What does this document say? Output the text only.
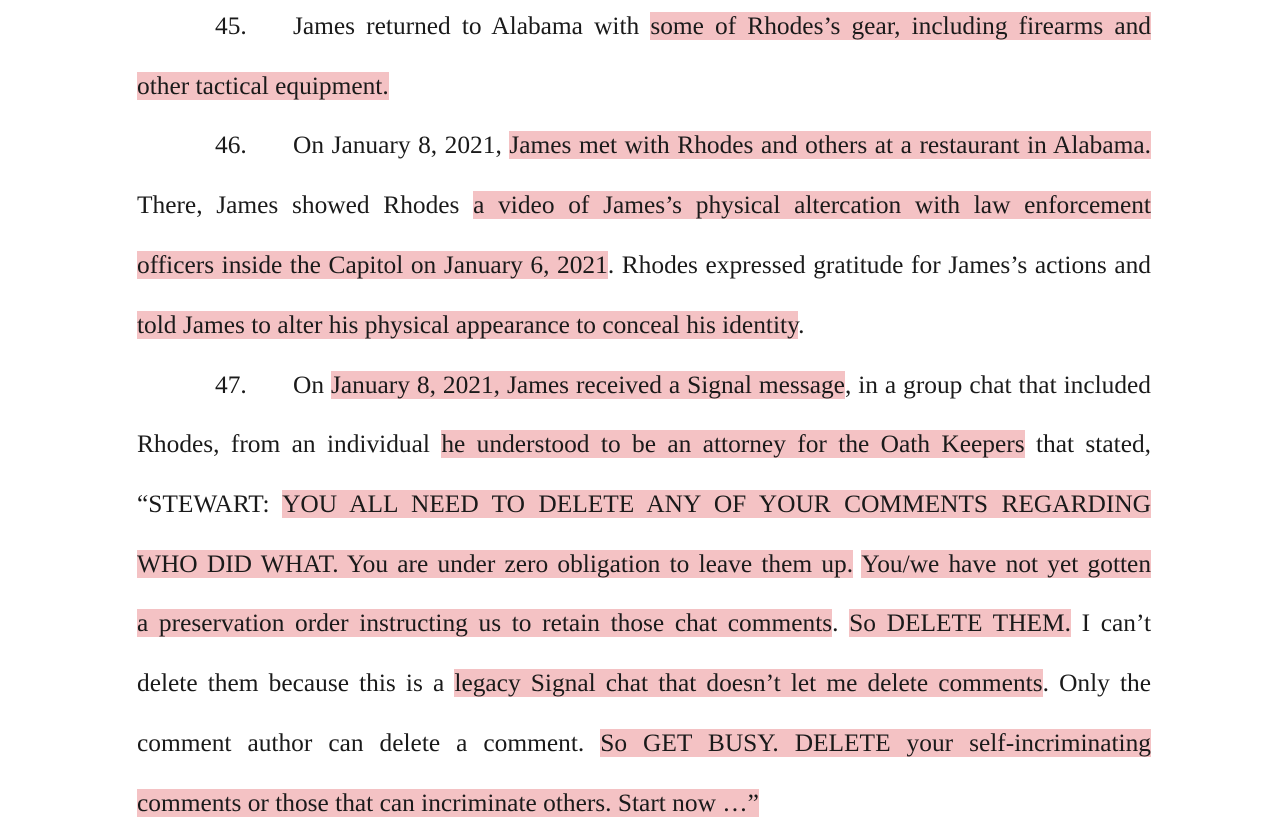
45. James returned to Alabama with some of Rhodes’s gear, including firearms and
other tactical equipment.
46. On January 8, 2021, James met with Rhodes and others at a restaurant in Alabama.
There, James showed Rhodes a video of James’s physical altercation with law enforcement
officers inside the Capitol on January 6, 2021. Rhodes expressed gratitude for James’s actions and
told James to alter his physical appearance to conceal his identity.
47. On January 8, 2021, James received a Signal message, in a group chat that included
Rhodes, from an individual he understood to be an attorney for the Oath Keepers that stated,
“STEWART: YOU ALL NEED TO DELETE ANY OF YOUR COMMENTS REGARDING
WHO DID WHAT. You are under zero obligation to leave them up. You/we have not yet gotten
a preservation order instructing us to retain those chat comments. So DELETE THEM. I can’t
delete them because this is a legacy Signal chat that doesn’t let me delete comments. Only the
comment author can delete a comment. So GET BUSY. DELETE your self-incriminating
comments or those that can incriminate others. Start now …”
